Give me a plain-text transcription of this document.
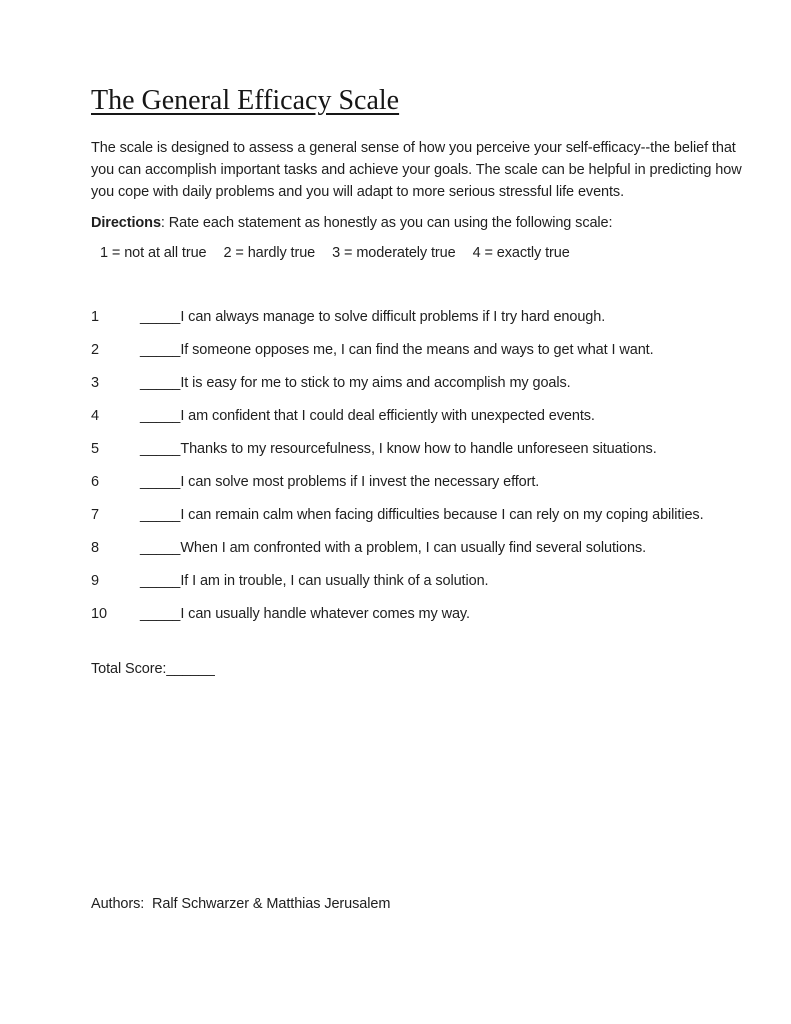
The General Efficacy Scale

The scale is designed to assess a general sense of how you perceive your self-efficacy--the belief that you can accomplish important tasks and achieve your goals. The scale can be helpful in predicting how you cope with daily problems and you will adapt to more serious stressful life events.

Directions: Rate each statement as honestly as you can using the following scale:

1 = not at all true 2 = hardly true 3 = moderately true 4 = exactly true

1	_____I can always manage to solve difficult problems if I try hard enough.
2	_____If someone opposes me, I can find the means and ways to get what I want.
3	_____It is easy for me to stick to my aims and accomplish my goals.
4	_____I am confident that I could deal efficiently with unexpected events.
5	_____Thanks to my resourcefulness, I know how to handle unforeseen situations.
6	_____I can solve most problems if I invest the necessary effort.
7	_____I can remain calm when facing difficulties because I can rely on my coping abilities.
8	_____When I am confronted with a problem, I can usually find several solutions.
9	_____If I am in trouble, I can usually think of a solution.
10	_____I can usually handle whatever comes my way.

Total Score:______

Authors:  Ralf Schwarzer & Matthias Jerusalem
